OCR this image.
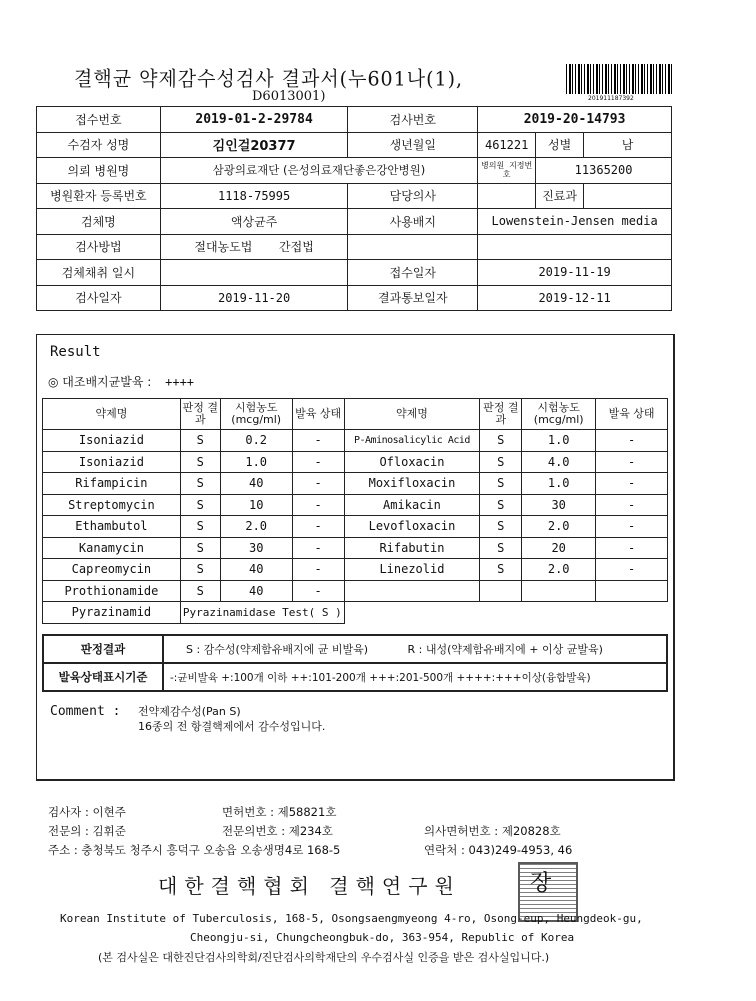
결핵균 약제감수성검사 결과서(누601나(1),
D6013001)	201911187392
접수번호	2019-01-2-29784	검사번호	2019-20-14793		
수검자 성명	김인걸20377	생년월일	461221	성별	남
의뢰 병원명	삼광의료재단 (은성의료재단좋은강안병원)		병의원 지정번호	11365200	
병원환자 등록번호	1118-75995	담당의사		진료과	
검체명	액상균주	사용배지	Lowenstein-Jensen media		
검사방법	절대농도법 간접법				
검체채취 일시		접수일자	2019-11-19		
검사일자	2019-11-20	결과통보일자	2019-12-11		
Result
◎ 대조배지균발육 : ++++
약제명	판정 결과	시험농도 (mcg/ml)	발육 상태	약제명	판정 결과	시험농도 (mcg/ml)	발육 상태
Isoniazid	S	0.2	-	P-Aminosalicylic Acid	S	1.0	-
Isoniazid	S	1.0	-	Ofloxacin	S	4.0	-
Rifampicin	S	40	-	Moxifloxacin	S	1.0	-
Streptomycin	S	10	-	Amikacin	S	30	-
Ethambutol	S	2.0	-	Levofloxacin	S	2.0	-
Kanamycin	S	30	-	Rifabutin	S	20	-
Capreomycin	S	40	-	Linezolid	S	2.0	-
Prothionamide	S	40	-				
Pyrazinamid	Pyrazinamidase Test( S )						
판정결과	S : 감수성(약제함유배지에 균 비발육) R : 내성(약제함유배지에 + 이상 균발육)
발육상태표시기준	-:균비발육 +:100개 이하 ++:101-200개 +++:201-500개 ++++:+++이상(융합발육)
Comment : 전약제감수성(Pan S)
16종의 전 항결핵제에서 감수성입니다.
검사자 : 이현주	면허번호 : 제58821호
전문의 : 김휘준	전문의번호 : 제234호	의사면허번호 : 제20828호
주소 : 충청북도 청주시 흥덕구 오송읍 오송생명4로 168-5	연락처 : 043)249-4953, 46
대한결핵협회 결핵연구원	장
Korean Institute of Tuberculosis, 168-5, Osongsaengmyeong 4-ro, Osong-eup, Heungdeok-gu,
Cheongju-si, Chungcheongbuk-do, 363-954, Republic of Korea
(본 검사실은 대한진단검사의학회/진단검사의학재단의 우수검사실 인증을 받은 검사실입니다.)
